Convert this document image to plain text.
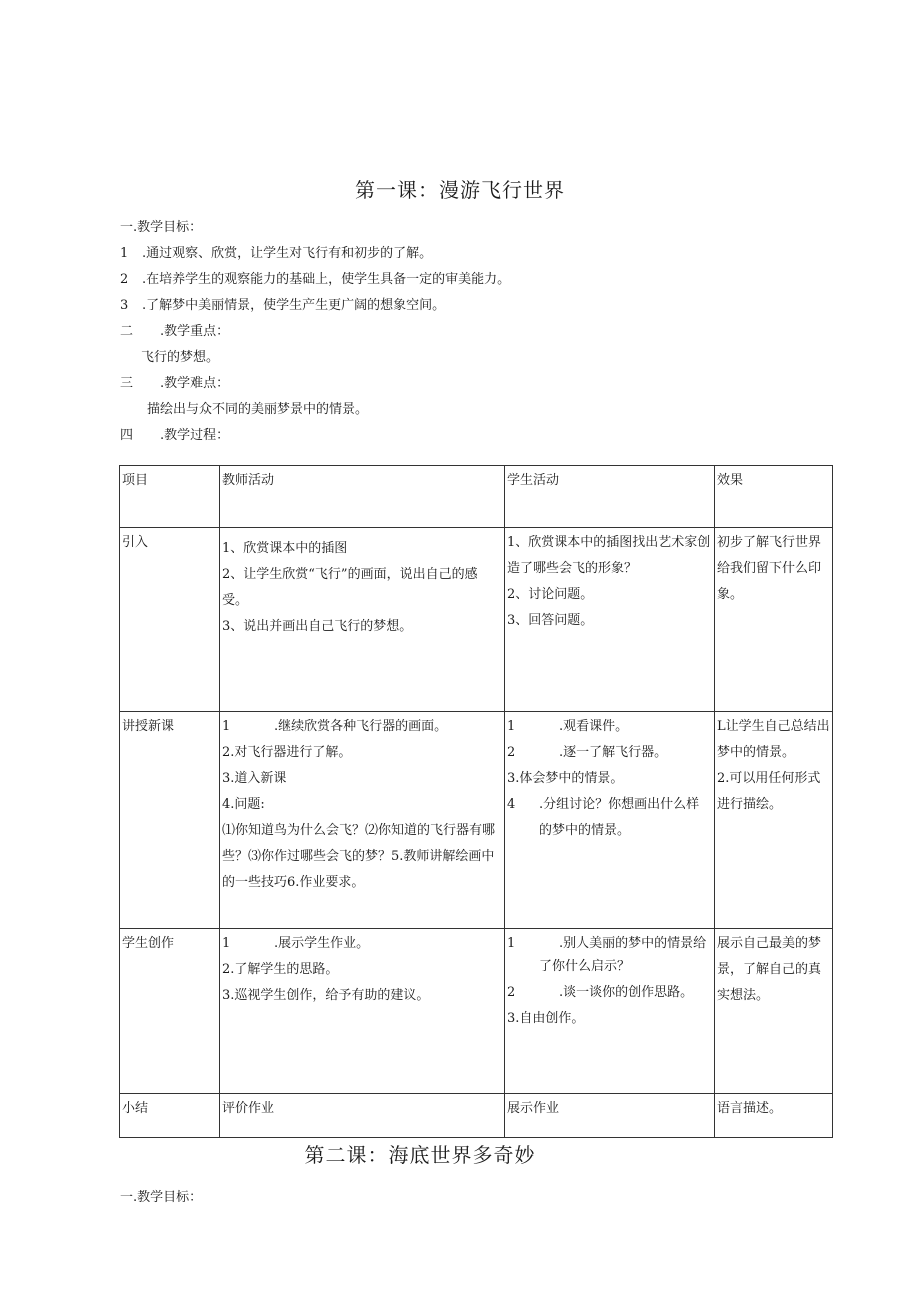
第一课：漫游飞行世界
一.教学目标：
1 .通过观察、欣赏，让学生对飞行有和初步的了解。
2 .在培养学生的观察能力的基础上，使学生具备一定的审美能力。
3 .了解梦中美丽情景，使学生产生更广阔的想象空间。
二 .教学重点：
飞行的梦想。
三 .教学难点：
描绘出与众不同的美丽梦景中的情景。
四 .教学过程：
项目	教师活动	学生活动	效果
引入	1、欣赏课本中的插图
2、让学生欣赏“飞行”的画面，说出自己的感受。
3、说出并画出自己飞行的梦想。	1、欣赏课本中的插图找出艺术家创造了哪些会飞的形象？
2、讨论问题。
3、回答问题。	初步了解飞行世界给我们留下什么印象。

讲授新课	1 .继续欣赏各种飞行器的画面。
2.对飞行器进行了解。
3.道入新课
4.问题:
⑴你知道鸟为什么会飞？⑵你知道的飞行器有哪些？⑶你作过哪些会飞的梦？5.教师讲解绘画中的一些技巧6.作业要求。	1 .观看课件。
2 .逐一了解飞行器。
3.体会梦中的情景。
4 .分组讨论？你想画出什么样
的梦中的情景。	L让学生自己总结出梦中的情景。
2.可以用任何形式进行描绘。

学生创作	1 .展示学生作业。
2.了解学生的思路。
3.巡视学生创作，给予有助的建议。	1 .别人美丽的梦中的情景给
了你什么启示？
2 .谈一谈你的创作思路。
3.自由创作。	展示自己最美的梦景，了解自己的真实想法。

小结	评价作业	展示作业	语言描述。
第二课：海底世界多奇妙
一.教学目标：
